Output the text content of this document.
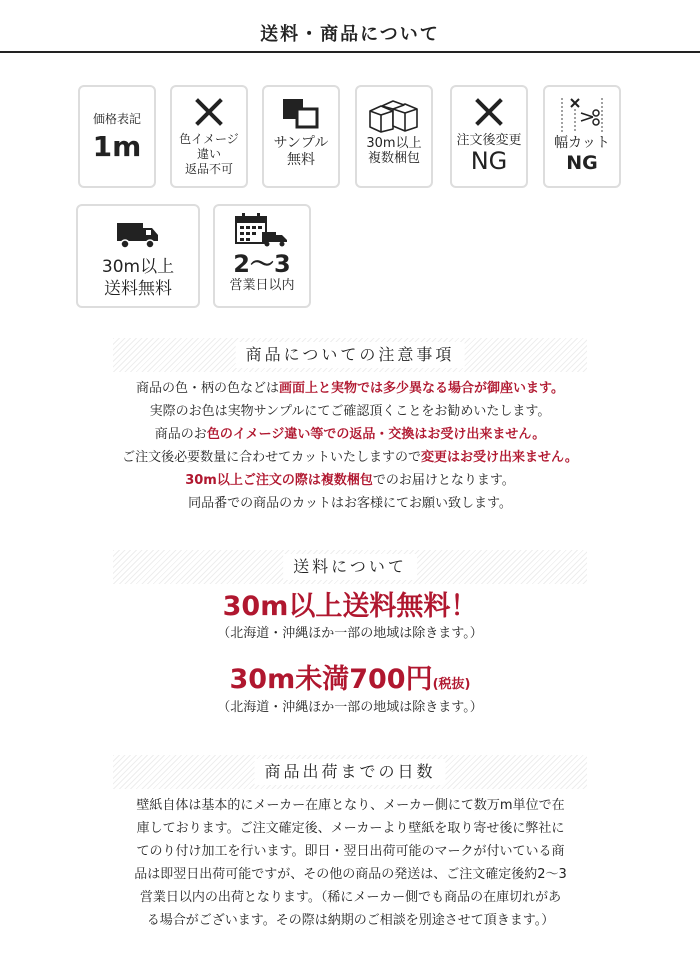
送料・商品について
価格表記
1m	色イメージ
違い
返品不可
サンプル
無料
30m以上
複数梱包
注文後変更
NG
幅カット
NG
30m以上
送料無料
2〜3
営業日以内
商品についての注意事項
商品の色・柄の色などは画面上と実物では多少異なる場合が御座います。
実際のお色は実物サンプルにてご確認頂くことをお勧めいたします。
商品のお色のイメージ違い等での返品・交換はお受け出来ません。
ご注文後必要数量に合わせてカットいたしますので変更はお受け出来ません。
30m以上ご注文の際は複数梱包でのお届けとなります。
同品番での商品のカットはお客様にてお願い致します。
送料について
30m以上送料無料！
（北海道・沖縄ほか一部の地域は除きます。）
30m未満700円(税抜)
（北海道・沖縄ほか一部の地域は除きます。）
商品出荷までの日数
壁紙自体は基本的にメーカー在庫となり、メーカー側にて数万m単位で在
庫しております。ご注文確定後、メーカーより壁紙を取り寄せ後に弊社に
てのり付け加工を行います。即日・翌日出荷可能のマークが付いている商
品は即翌日出荷可能ですが、その他の商品の発送は、ご注文確定後約2〜3
営業日以内の出荷となります。（稀にメーカー側でも商品の在庫切れがあ
る場合がございます。その際は納期のご相談を別途させて頂きます。）
